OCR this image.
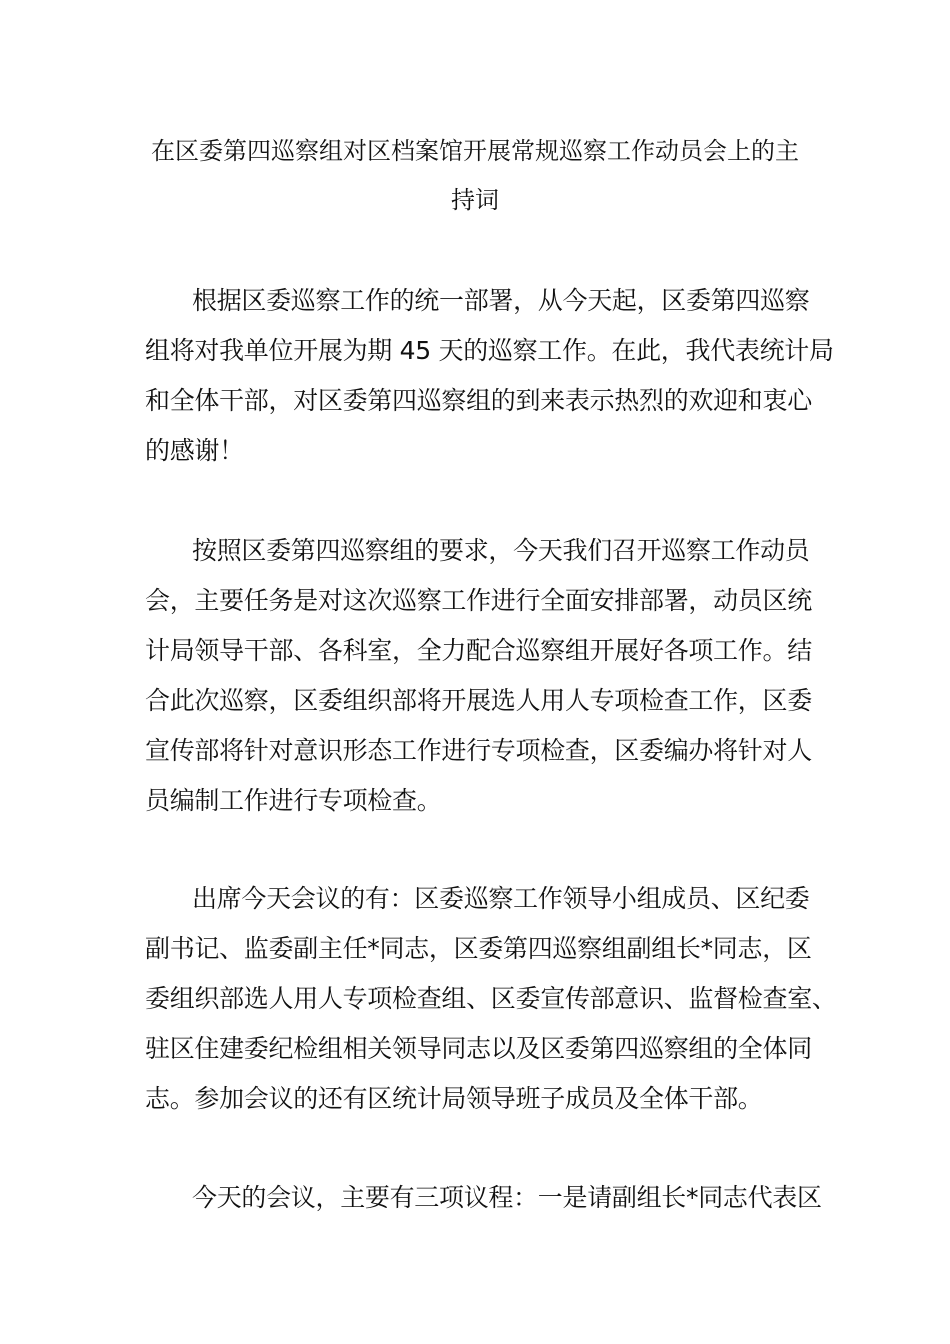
在区委第四巡察组对区档案馆开展常规巡察工作动员会上的主
持词
根据区委巡察工作的统一部署，从今天起，区委第四巡察
组将对我单位开展为期 45 天的巡察工作。在此，我代表统计局
和全体干部，对区委第四巡察组的到来表示热烈的欢迎和衷心
的感谢！
按照区委第四巡察组的要求，今天我们召开巡察工作动员
会，主要任务是对这次巡察工作进行全面安排部署，动员区统
计局领导干部、各科室，全力配合巡察组开展好各项工作。结
合此次巡察，区委组织部将开展选人用人专项检查工作，区委
宣传部将针对意识形态工作进行专项检查，区委编办将针对人
员编制工作进行专项检查。
出席今天会议的有：区委巡察工作领导小组成员、区纪委
副书记、监委副主任*同志，区委第四巡察组副组长*同志，区
委组织部选人用人专项检查组、区委宣传部意识、监督检查室、
驻区住建委纪检组相关领导同志以及区委第四巡察组的全体同
志。参加会议的还有区统计局领导班子成员及全体干部。
今天的会议，主要有三项议程：一是请副组长*同志代表区
